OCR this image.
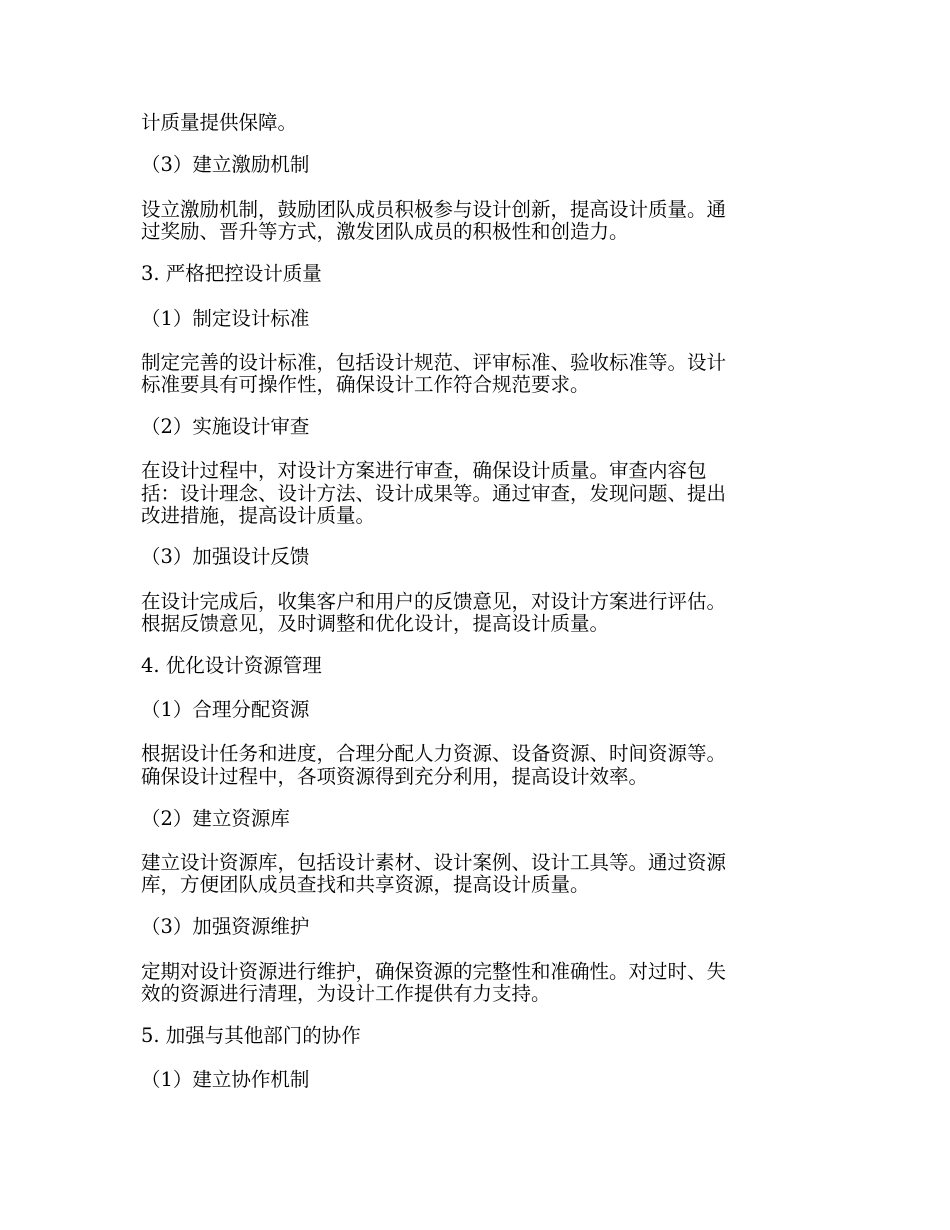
计质量提供保障。

（3）建立激励机制

设立激励机制，鼓励团队成员积极参与设计创新，提高设计质量。通

过奖励、晋升等方式，激发团队成员的积极性和创造力。

3. 严格把控设计质量

（1）制定设计标准

制定完善的设计标准，包括设计规范、评审标准、验收标准等。设计

标准要具有可操作性，确保设计工作符合规范要求。

（2）实施设计审查

在设计过程中，对设计方案进行审查，确保设计质量。审查内容包

括：设计理念、设计方法、设计成果等。通过审查，发现问题、提出

改进措施，提高设计质量。

（3）加强设计反馈

在设计完成后，收集客户和用户的反馈意见，对设计方案进行评估。

根据反馈意见，及时调整和优化设计，提高设计质量。

4. 优化设计资源管理

（1）合理分配资源

根据设计任务和进度，合理分配人力资源、设备资源、时间资源等。

确保设计过程中，各项资源得到充分利用，提高设计效率。

（2）建立资源库

建立设计资源库，包括设计素材、设计案例、设计工具等。通过资源

库，方便团队成员查找和共享资源，提高设计质量。

（3）加强资源维护

定期对设计资源进行维护，确保资源的完整性和准确性。对过时、失

效的资源进行清理，为设计工作提供有力支持。

5. 加强与其他部门的协作

（1）建立协作机制
